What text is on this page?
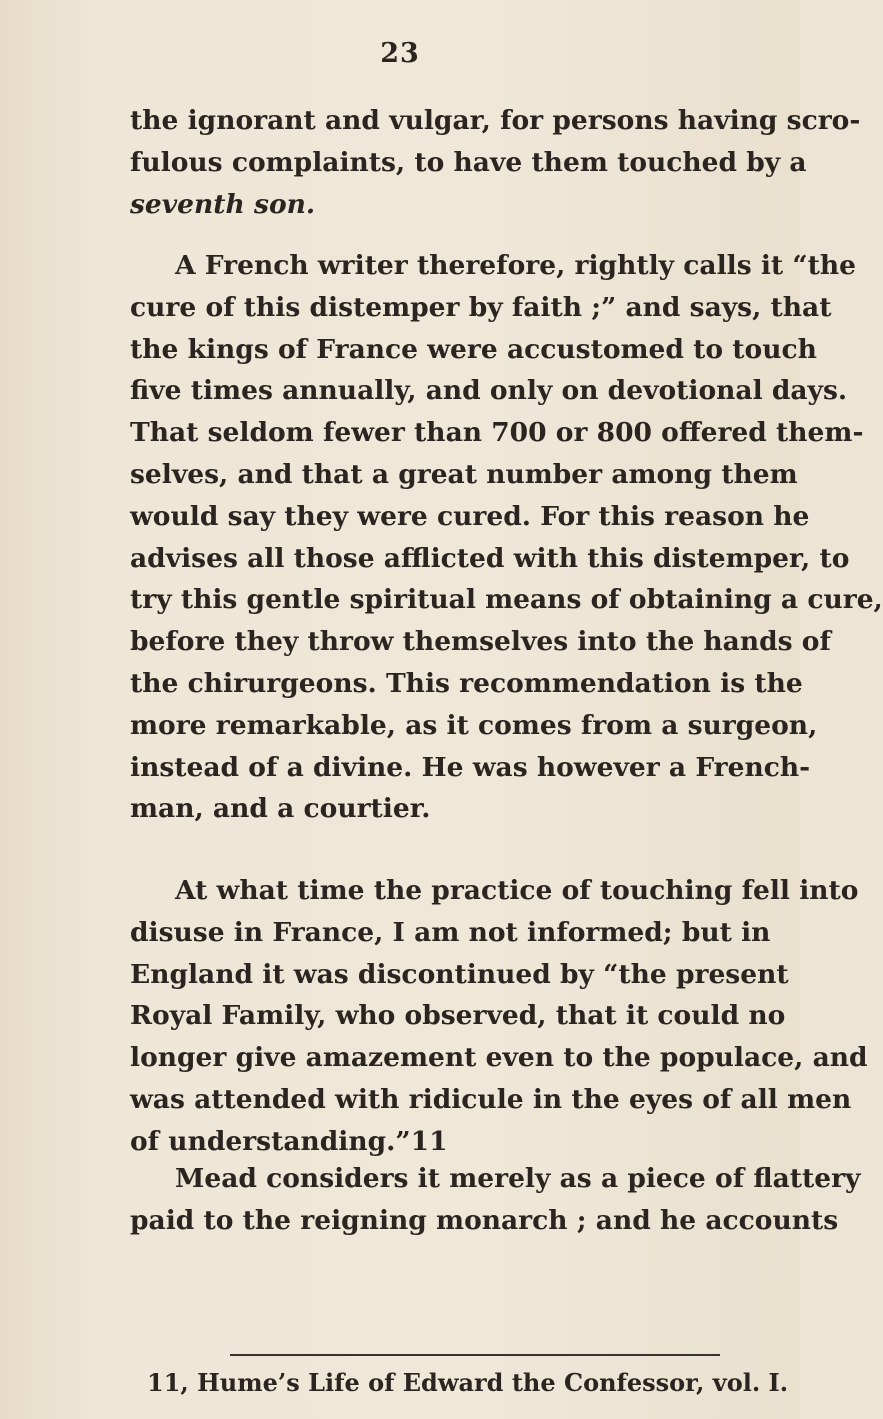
23
the ignorant and vulgar, for persons having scro-
fulous complaints, to have them touched by a
seventh son.
A French writer therefore, rightly calls it “the
cure of this distemper by faith ;” and says, that
the kings of France were accustomed to touch
five times annually, and only on devotional days.
That seldom fewer than 700 or 800 offered them-
selves, and that a great number among them
would say they were cured. For this reason he
advises all those afflicted with this distemper, to
try this gentle spiritual means of obtaining a cure,
before they throw themselves into the hands of
the chirurgeons. This recommendation is the
more remarkable, as it comes from a surgeon,
instead of a divine. He was however a French-
man, and a courtier.
At what time the practice of touching fell into
disuse in France, I am not informed; but in
England it was discontinued by “the present
Royal Family, who observed, that it could no
longer give amazement even to the populace, and
was attended with ridicule in the eyes of all men
of understanding.”11
Mead considers it merely as a piece of flattery
paid to the reigning monarch ; and he accounts
11, Hume’s Life of Edward the Confessor, vol. I.
